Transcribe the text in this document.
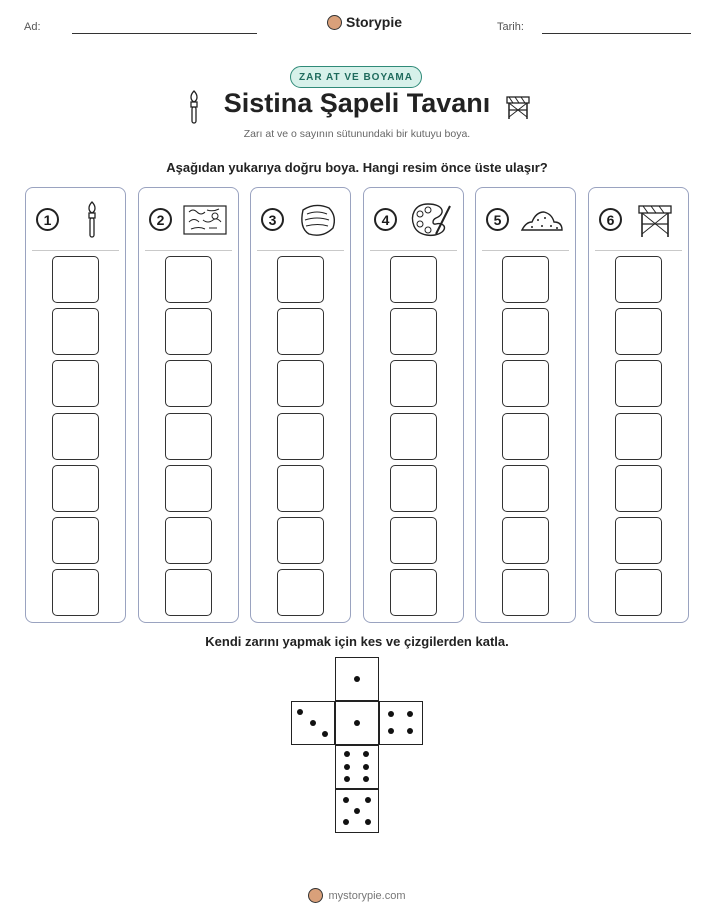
Ad:	Storypie	Tarih:
ZAR AT VE BOYAMA
Sistina Şapeli Tavanı
Zarı at ve o sayının sütunundaki bir kutuyu boya.
Aşağıdan yukarıya doğru boya. Hangi resim önce üste ulaşır?
1	2	3	4	5	6
Kendi zarını yapmak için kes ve çizgilerden katla.
mystorypie.com
